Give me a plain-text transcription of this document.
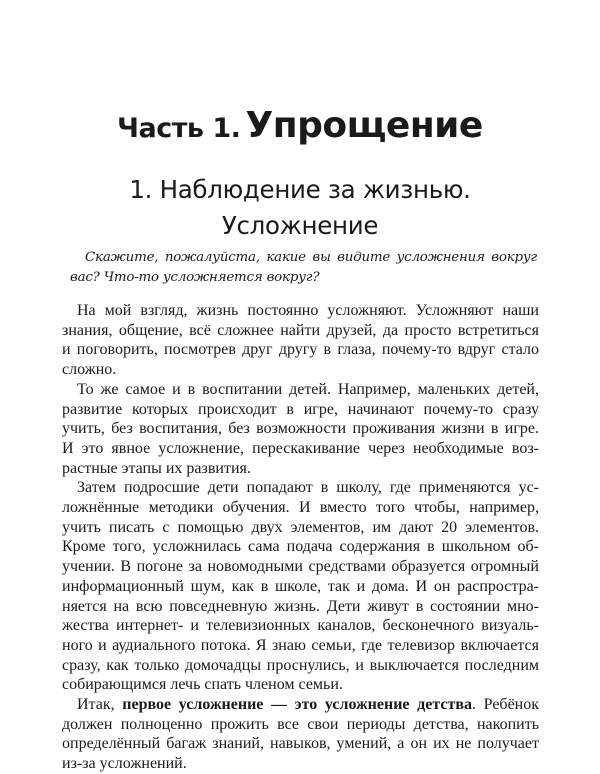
Часть 1. Упрощение
1. Наблюдение за жизнью.
Усложнение
Скажите, пожалуйста, какие вы видите усложнения вокруг
вас? Что-то усложняется вокруг?
На мой взгляд, жизнь постоянно усложняют. Усложняют наши
знания, общение, всё сложнее найти друзей, да просто встретиться
и поговорить, посмотрев друг другу в глаза, почему-то вдруг стало
сложно.
То же самое и в воспитании детей. Например, маленьких детей,
развитие которых происходит в игре, начинают почему-то сразу
учить, без воспитания, без возможности проживания жизни в игре.
И это явное усложнение, перескакивание через необходимые воз-
растные этапы их развития.
Затем подросшие дети попадают в школу, где применяются ус-
ложнённые методики обучения. И вместо того чтобы, например,
учить писать с помощью двух элементов, им дают 20 элементов.
Кроме того, усложнилась сама подача содержания в школьном об-
учении. В погоне за новомодными средствами образуется огромный
информационный шум, как в школе, так и дома. И он распростра-
няется на всю повседневную жизнь. Дети живут в состоянии мно-
жества интернет- и телевизионных каналов, бесконечного визуаль-
ного и аудиального потока. Я знаю семьи, где телевизор включается
сразу, как только домочадцы проснулись, и выключается последним
собирающимся лечь спать членом семьи.
Итак, первое усложнение — это усложнение детства. Ребёнок
должен полноценно прожить все свои периоды детства, накопить
определённый багаж знаний, навыков, умений, а он их не получает
из-за усложнений.
